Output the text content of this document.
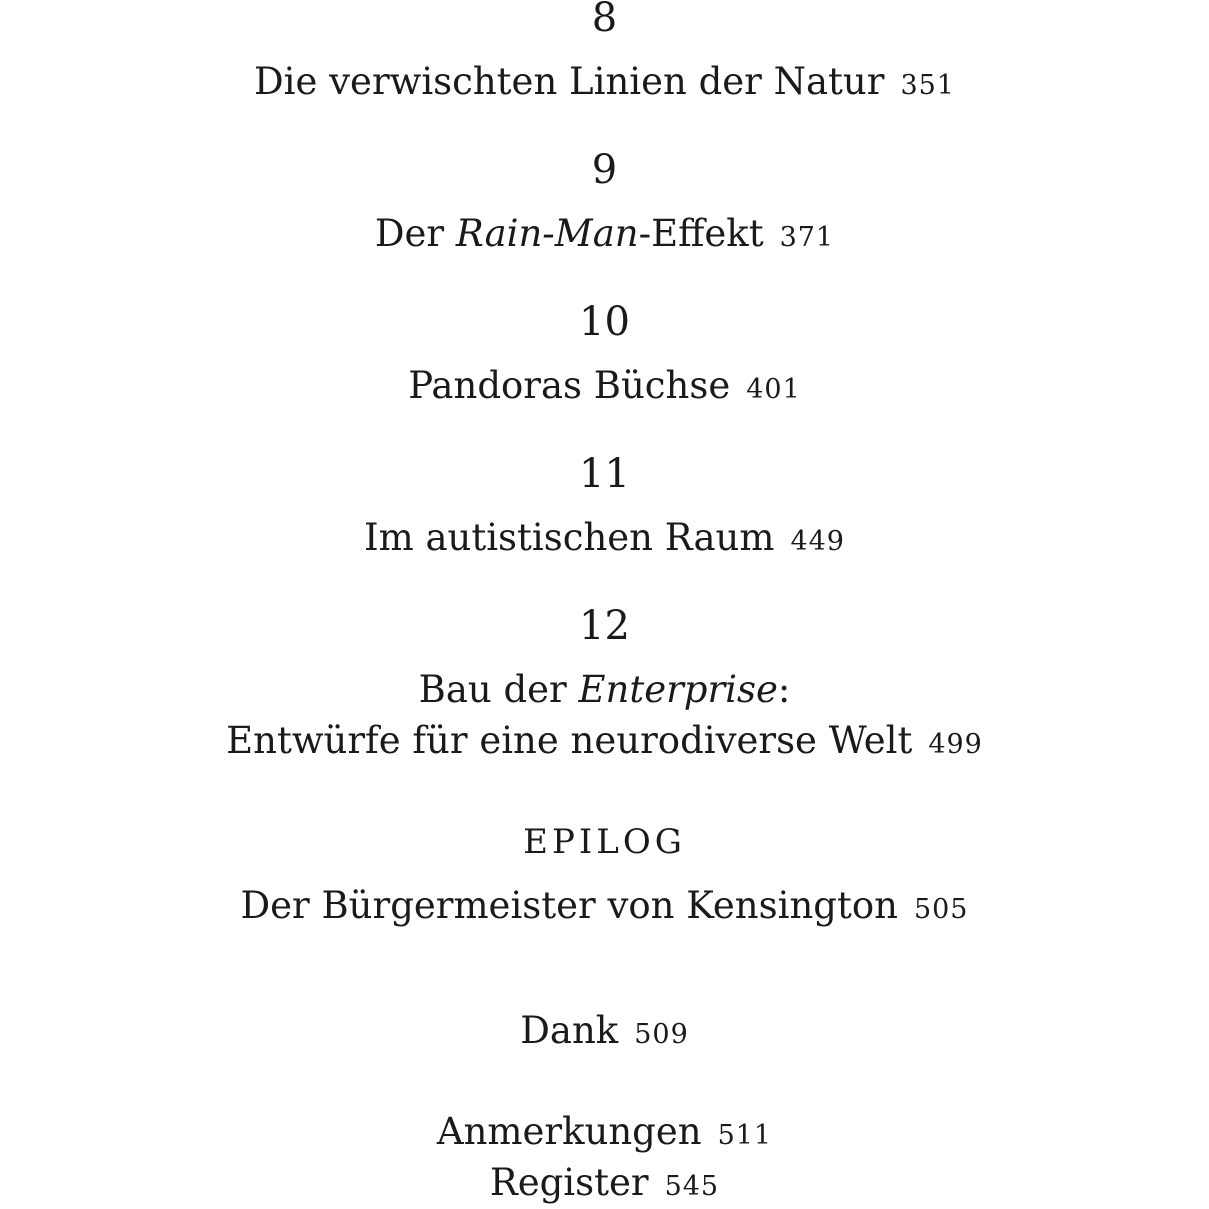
8
Die verwischten Linien der Natur 351
9
Der Rain-Man-Effekt 371
10
Pandoras Büchse 401
11
Im autistischen Raum 449
12
Bau der Enterprise:
Entwürfe für eine neurodiverse Welt 499
EPILOG
Der Bürgermeister von Kensington 505
Dank 509
Anmerkungen 511
Register 545
